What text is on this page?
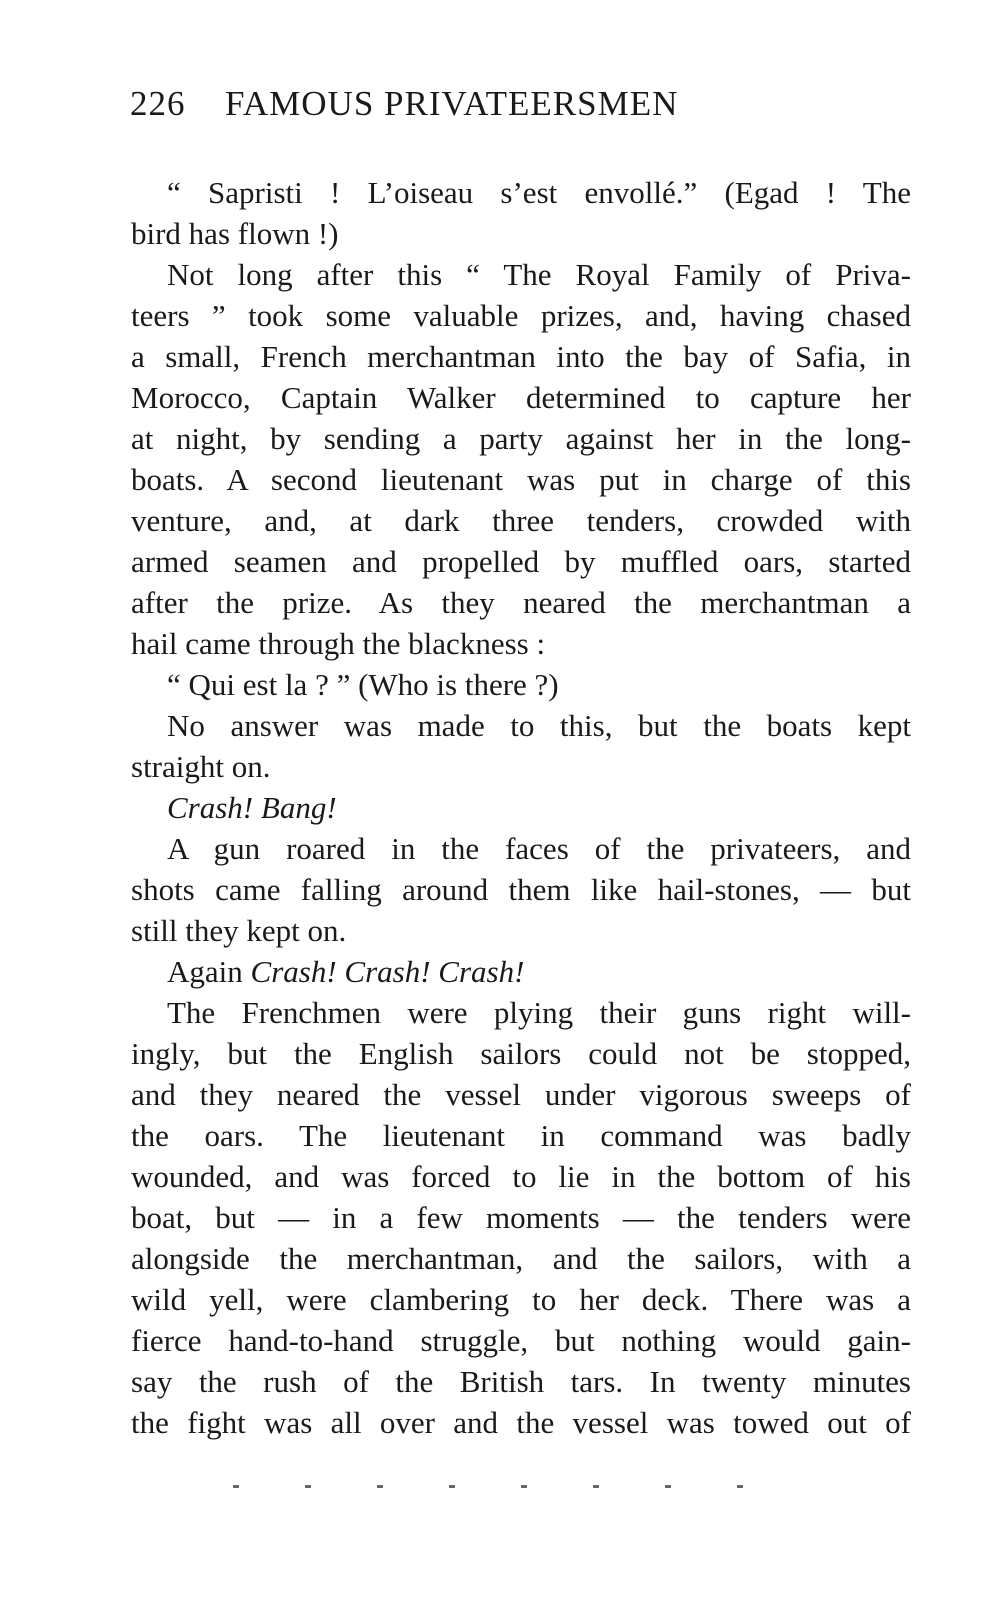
226 FAMOUS PRIVATEERSMEN
“ Sapristi ! L’oiseau s’est envollé.” (Egad ! The
bird has flown !)
Not long after this “ The Royal Family of Priva-
teers ” took some valuable prizes, and, having chased
a small, French merchantman into the bay of Safia, in
Morocco, Captain Walker determined to capture her
at night, by sending a party against her in the long-
boats. A second lieutenant was put in charge of this
venture, and, at dark three tenders, crowded with
armed seamen and propelled by muffled oars, started
after the prize. As they neared the merchantman a
hail came through the blackness :
“ Qui est la ? ” (Who is there ?)
No answer was made to this, but the boats kept
straight on.
Crash! Bang!
A gun roared in the faces of the privateers, and
shots came falling around them like hail-stones, — but
still they kept on.
Again Crash! Crash! Crash!
The Frenchmen were plying their guns right will-
ingly, but the English sailors could not be stopped,
and they neared the vessel under vigorous sweeps of
the oars. The lieutenant in command was badly
wounded, and was forced to lie in the bottom of his
boat, but — in a few moments — the tenders were
alongside the merchantman, and the sailors, with a
wild yell, were clambering to her deck. There was a
fierce hand-to-hand struggle, but nothing would gain-
say the rush of the British tars. In twenty minutes
the fight was all over and the vessel was towed out of
